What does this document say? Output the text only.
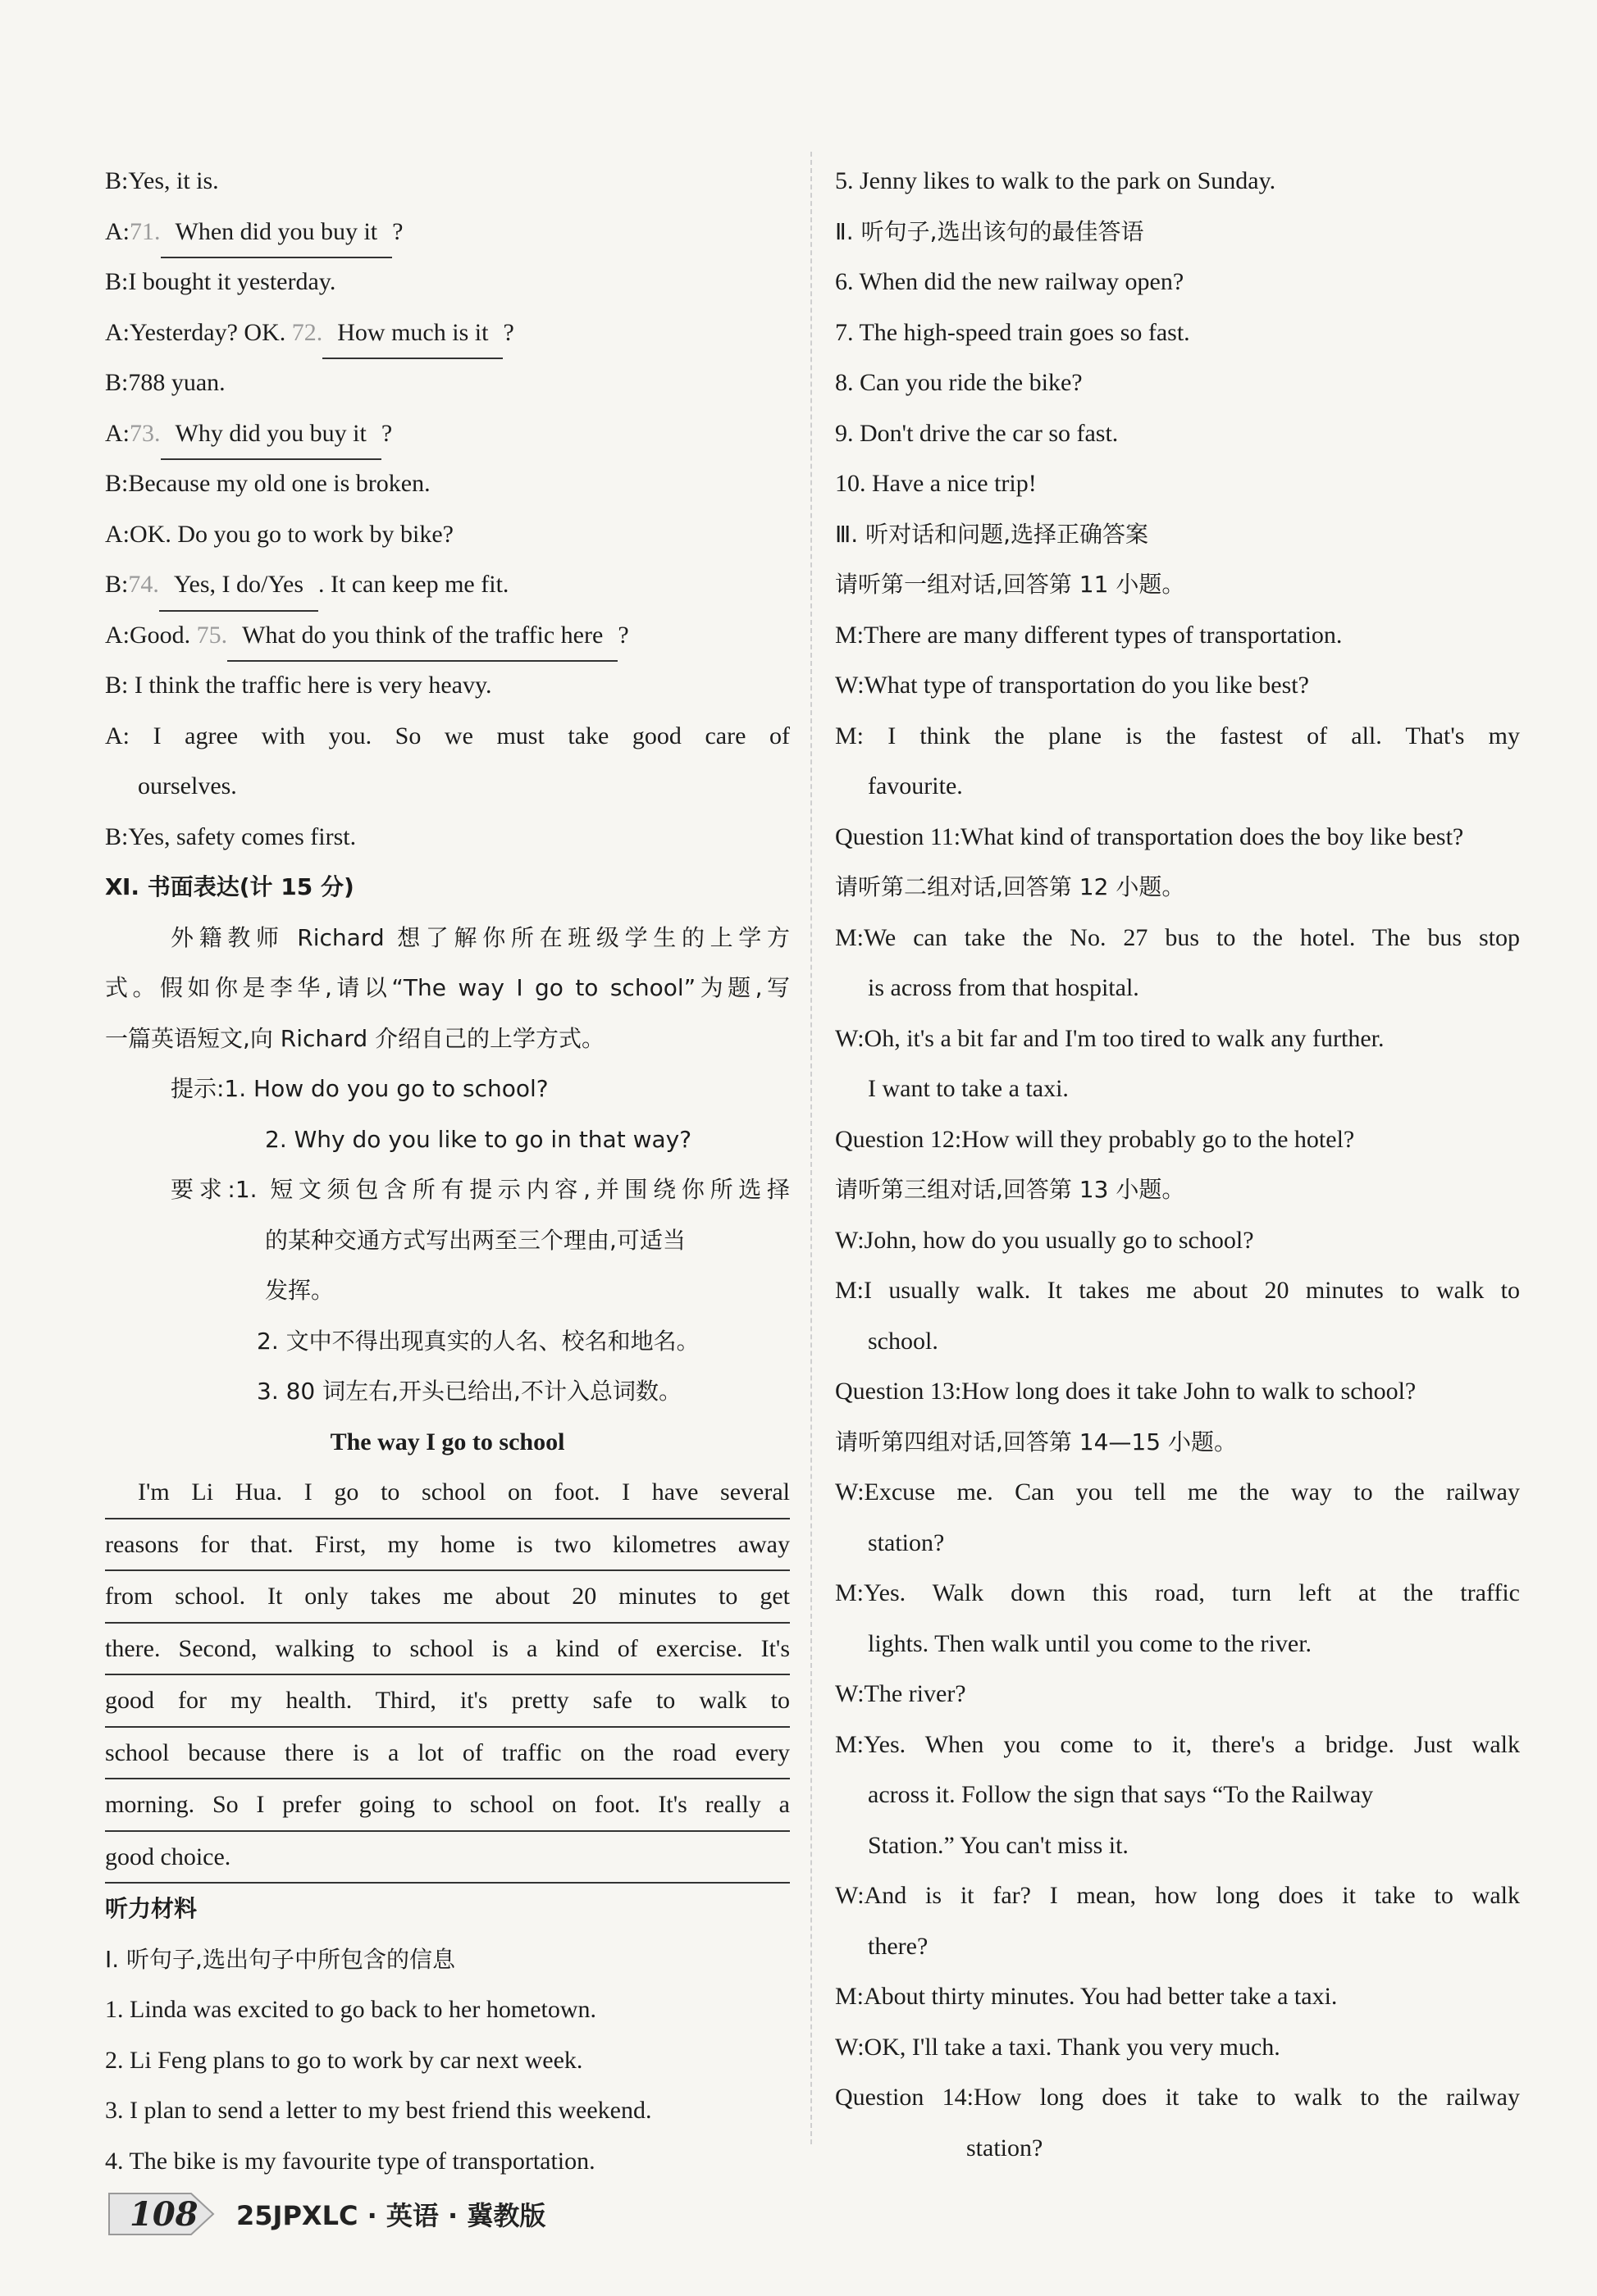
B:Yes, it is.
A:71. When did you buy it ?
B:I bought it yesterday.
A:Yesterday? OK. 72. How much is it ?
B:788 yuan.
A:73. Why did you buy it ?
B:Because my old one is broken.
A:OK. Do you go to work by bike?
B:74. Yes, I do/Yes . It can keep me fit.
A:Good. 75. What do you think of the traffic here ?
B: I think the traffic here is very heavy.
A: I agree with you. So we must take good care of
ourselves.
B:Yes, safety comes first.
Ⅺ. 书面表达(计 15 分)
外籍教师 Richard 想了解你所在班级学生的上学方
式。假如你是李华,请以“The way I go to school”为题,写
一篇英语短文,向 Richard 介绍自己的上学方式。
提示:1. How do you go to school?
2. Why do you like to go in that way?
要求:1. 短文须包含所有提示内容,并围绕你所选择
的某种交通方式写出两至三个理由,可适当
发挥。
2. 文中不得出现真实的人名、校名和地名。
3. 80 词左右,开头已给出,不计入总词数。
The way I go to school
I'm Li Hua. I go to school on foot. I have several
reasons for that. First, my home is two kilometres away
from school. It only takes me about 20 minutes to get
there. Second, walking to school is a kind of exercise. It's
good for my health. Third, it's pretty safe to walk to
school because there is a lot of traffic on the road every
morning. So I prefer going to school on foot. It's really a
good choice.
听力材料
Ⅰ. 听句子,选出句子中所包含的信息
1. Linda was excited to go back to her hometown.
2. Li Feng plans to go to work by car next week.
3. I plan to send a letter to my best friend this weekend.
4. The bike is my favourite type of transportation.
5. Jenny likes to walk to the park on Sunday.
Ⅱ. 听句子,选出该句的最佳答语
6. When did the new railway open?
7. The high-speed train goes so fast.
8. Can you ride the bike?
9. Don't drive the car so fast.
10. Have a nice trip!
Ⅲ. 听对话和问题,选择正确答案
请听第一组对话,回答第 11 小题。
M:There are many different types of transportation.
W:What type of transportation do you like best?
M: I think the plane is the fastest of all. That's my
favourite.
Question 11:What kind of transportation does the boy like best?
请听第二组对话,回答第 12 小题。
M:We can take the No. 27 bus to the hotel. The bus stop
is across from that hospital.
W:Oh, it's a bit far and I'm too tired to walk any further.
I want to take a taxi.
Question 12:How will they probably go to the hotel?
请听第三组对话,回答第 13 小题。
W:John, how do you usually go to school?
M:I usually walk. It takes me about 20 minutes to walk to
school.
Question 13:How long does it take John to walk to school?
请听第四组对话,回答第 14—15 小题。
W:Excuse me. Can you tell me the way to the railway
station?
M:Yes. Walk down this road, turn left at the traffic
lights. Then walk until you come to the river.
W:The river?
M:Yes. When you come to it, there's a bridge. Just walk
across it. Follow the sign that says “To the Railway
Station.” You can't miss it.
W:And is it far? I mean, how long does it take to walk
there?
M:About thirty minutes. You had better take a taxi.
W:OK, I'll take a taxi. Thank you very much.
Question 14:How long does it take to walk to the railway
station?
108 25JPXLC · 英语 · 冀教版
